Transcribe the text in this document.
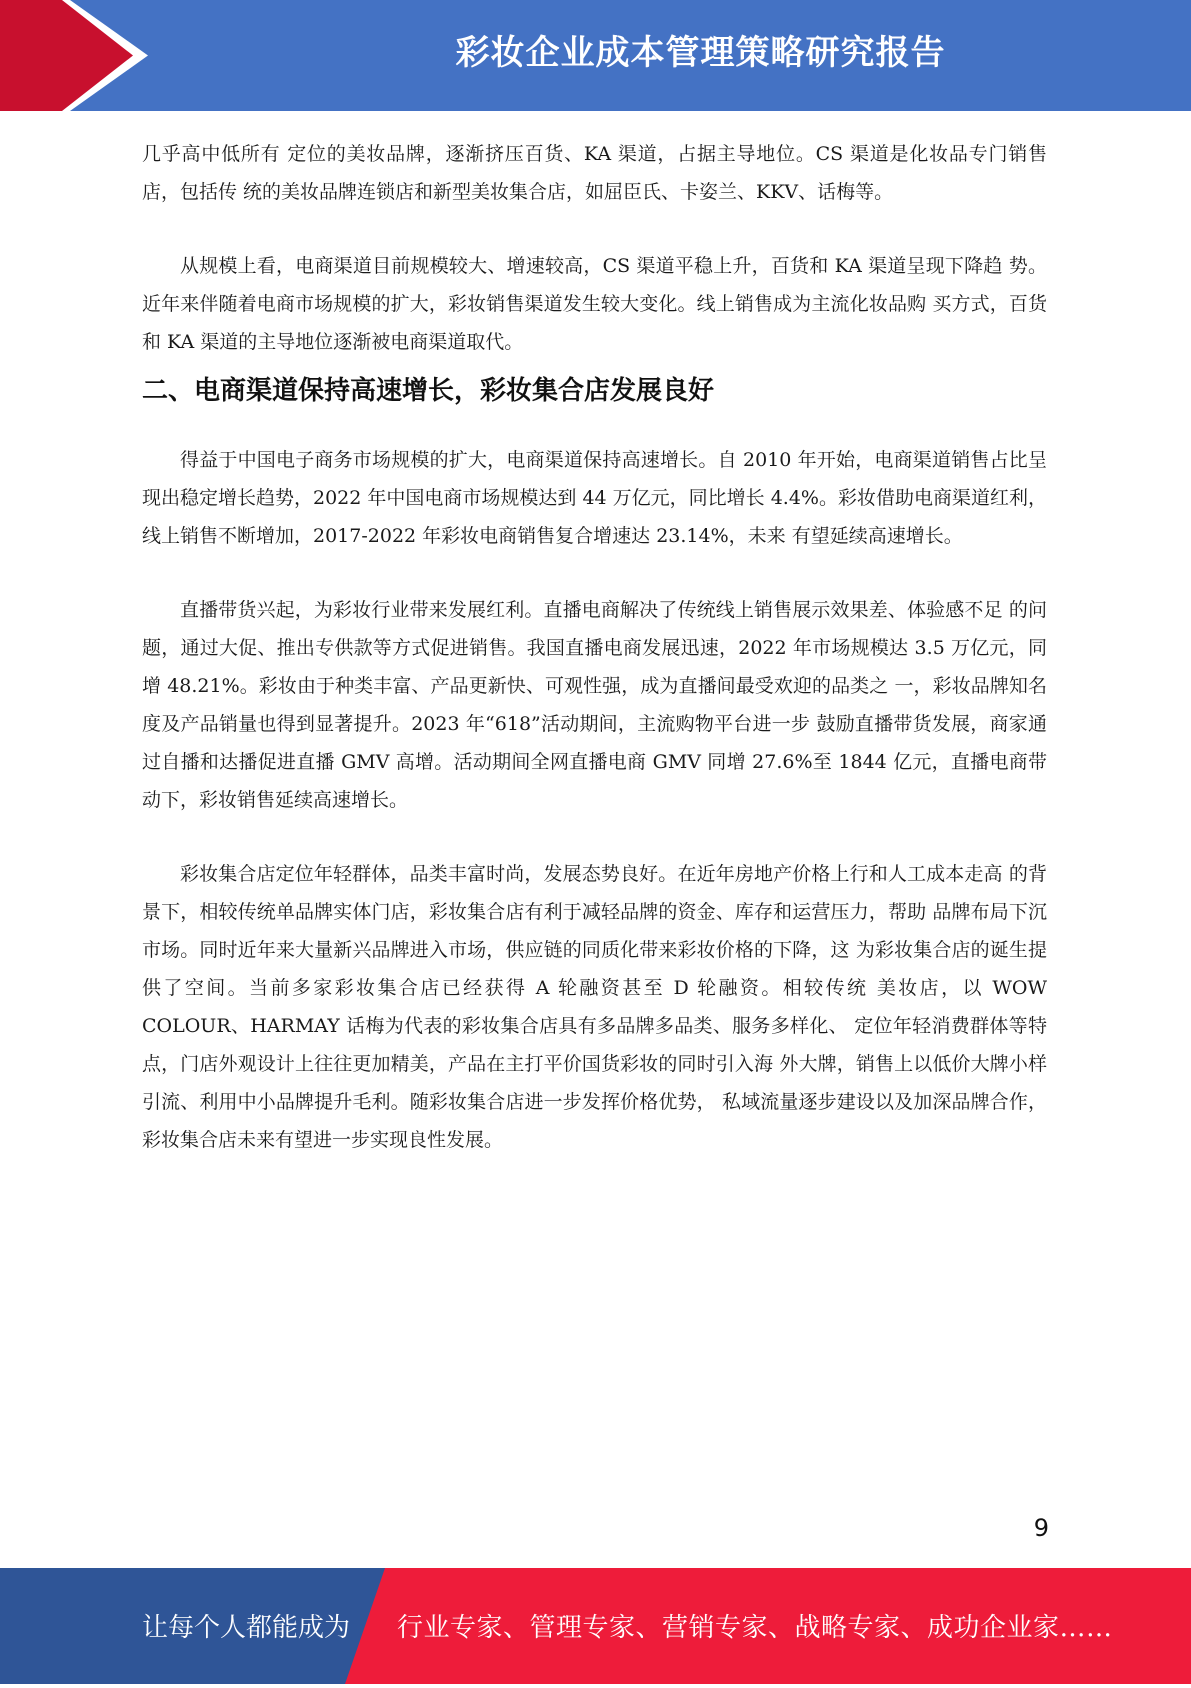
彩妆企业成本管理策略研究报告

几乎高中低所有 定位的美妆品牌，逐渐挤压百货、KA 渠道，占据主导地位。CS 渠道是化妆品专门销售店，包括传 统的美妆品牌连锁店和新型美妆集合店，如屈臣氏、卡姿兰、KKV、话梅等。

从规模上看，电商渠道目前规模较大、增速较高，CS 渠道平稳上升，百货和 KA 渠道呈现下降趋 势。近年来伴随着电商市场规模的扩大，彩妆销售渠道发生较大变化。线上销售成为主流化妆品购 买方式，百货和 KA 渠道的主导地位逐渐被电商渠道取代。

二、电商渠道保持高速增长，彩妆集合店发展良好

得益于中国电子商务市场规模的扩大，电商渠道保持高速增长。自 2010 年开始，电商渠道销售占比呈现出稳定增长趋势，2022 年中国电商市场规模达到 44 万亿元，同比增长 4.4%。彩妆借助电商渠道红利，线上销售不断增加，2017-2022 年彩妆电商销售复合增速达 23.14%，未来 有望延续高速增长。

直播带货兴起，为彩妆行业带来发展红利。直播电商解决了传统线上销售展示效果差、体验感不足 的问题，通过大促、推出专供款等方式促进销售。我国直播电商发展迅速，2022 年市场规模达 3.5 万亿元，同增 48.21%。彩妆由于种类丰富、产品更新快、可观性强，成为直播间最受欢迎的品类之 一，彩妆品牌知名度及产品销量也得到显著提升。2023 年“618”活动期间，主流购物平台进一步 鼓励直播带货发展，商家通过自播和达播促进直播 GMV 高增。活动期间全网直播电商 GMV 同增 27.6%至 1844 亿元，直播电商带动下，彩妆销售延续高速增长。

彩妆集合店定位年轻群体，品类丰富时尚，发展态势良好。在近年房地产价格上行和人工成本走高 的背景下，相较传统单品牌实体门店，彩妆集合店有利于减轻品牌的资金、库存和运营压力，帮助 品牌布局下沉市场。同时近年来大量新兴品牌进入市场，供应链的同质化带来彩妆价格的下降，这 为彩妆集合店的诞生提供了空间。当前多家彩妆集合店已经获得 A 轮融资甚至 D 轮融资。相较传统 美妆店，以 WOW COLOUR、HARMAY 话梅为代表的彩妆集合店具有多品牌多品类、服务多样化、 定位年轻消费群体等特点，门店外观设计上往往更加精美，产品在主打平价国货彩妆的同时引入海 外大牌，销售上以低价大牌小样引流、利用中小品牌提升毛利。随彩妆集合店进一步发挥价格优势， 私域流量逐步建设以及加深品牌合作，彩妆集合店未来有望进一步实现良性发展。

9
让每个人都能成为 行业专家、管理专家、营销专家、战略专家、成功企业家……
